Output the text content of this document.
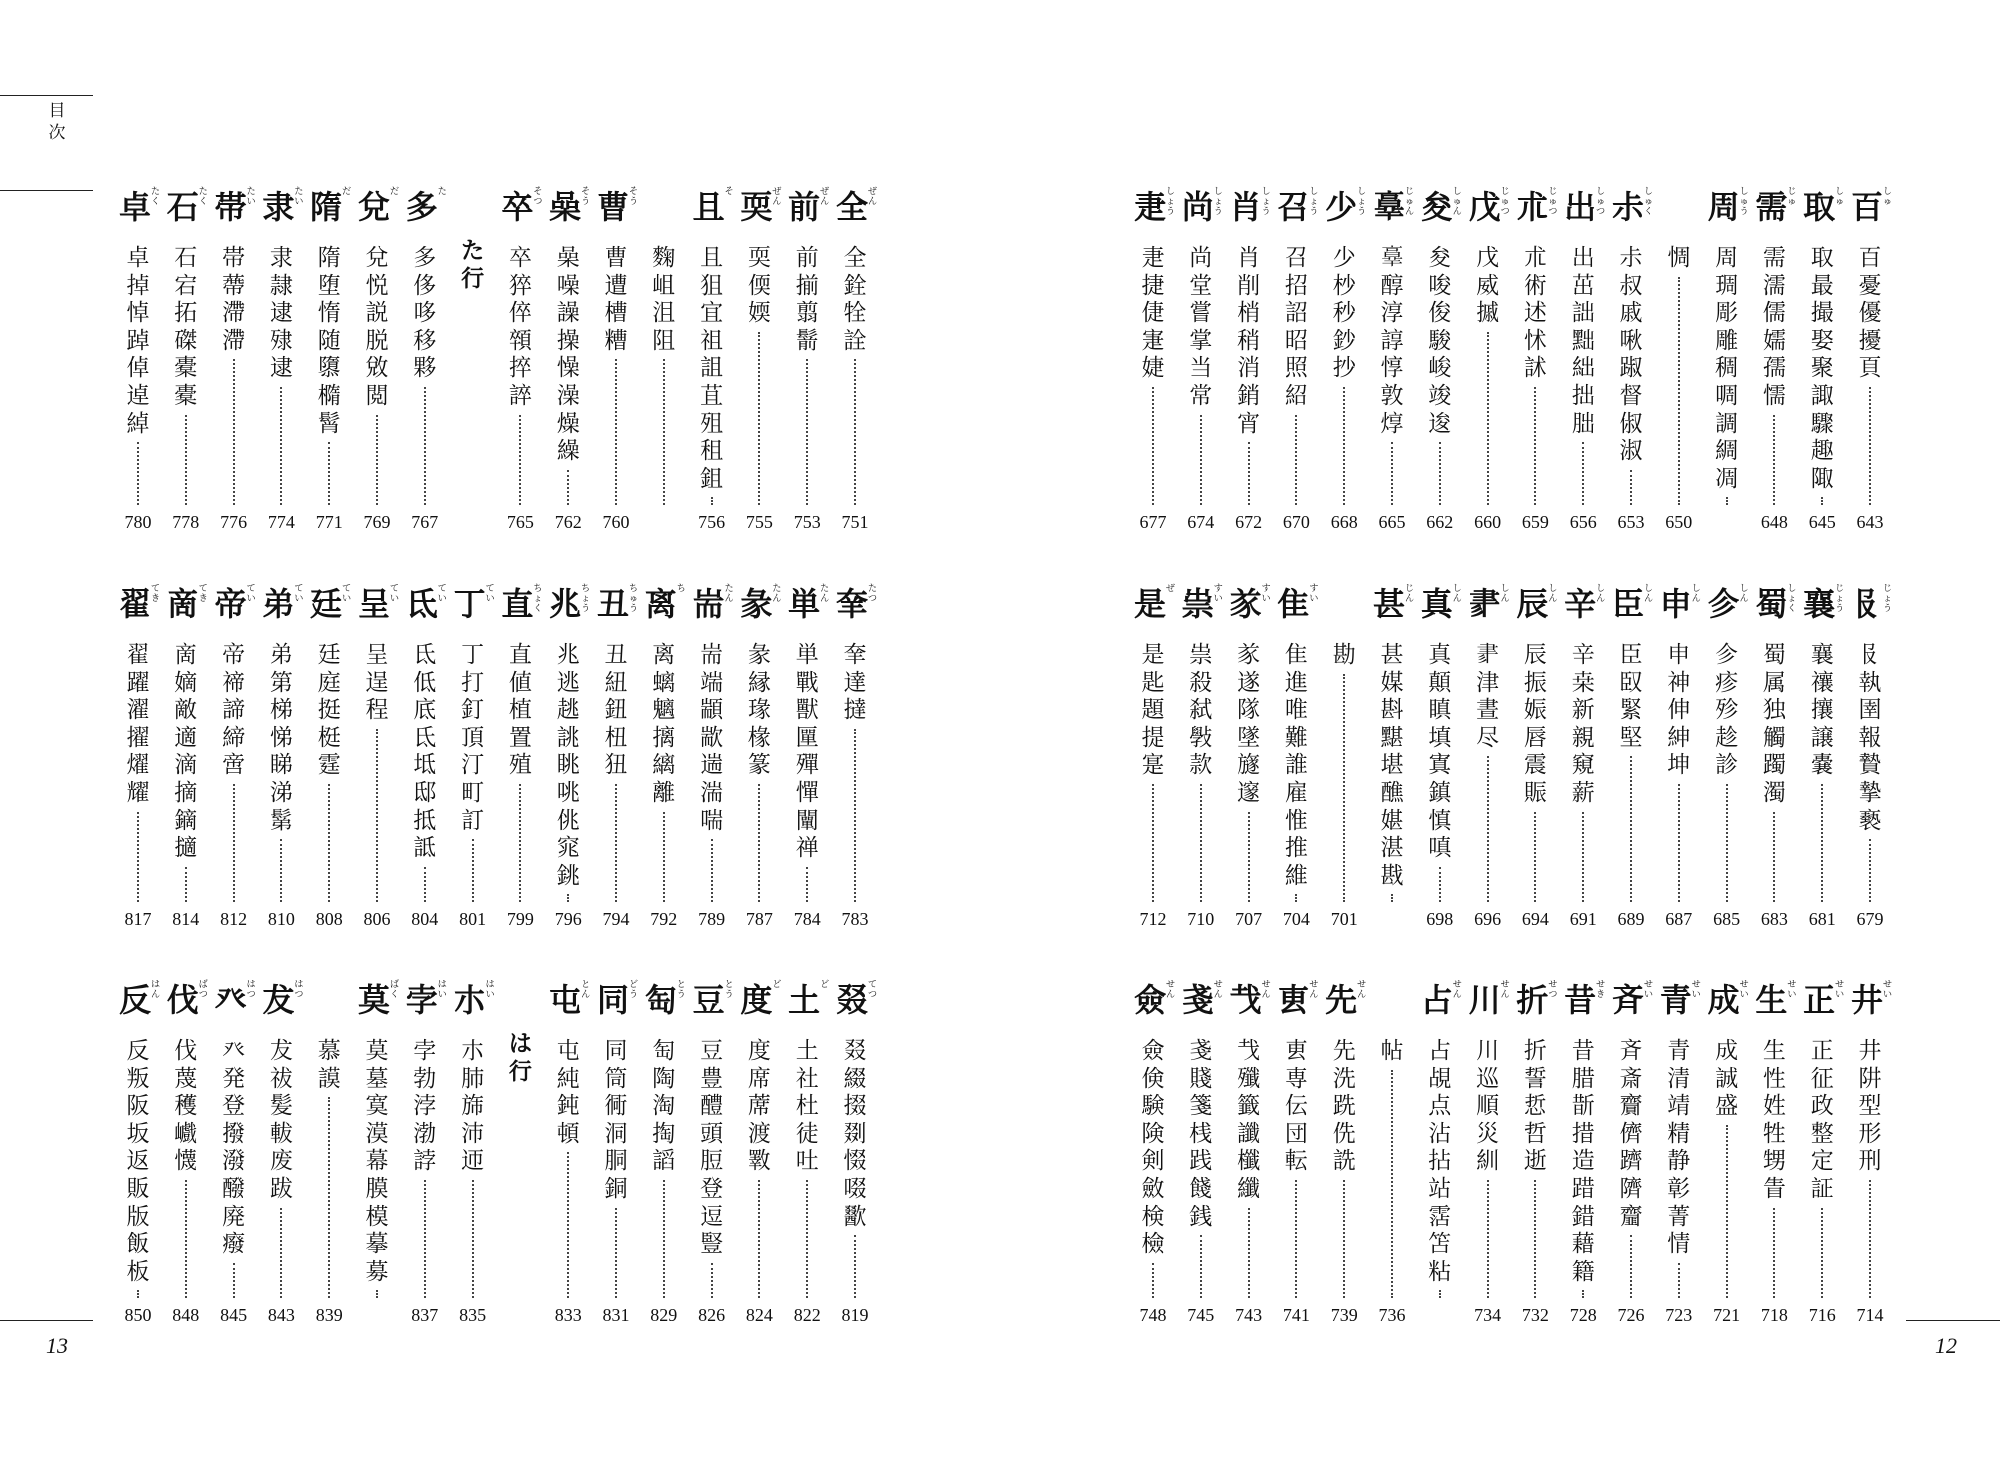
目次
13
全 ぜん
全
銓
牷
詮
751
前 ぜん
前
揃
翦
鬋
753
耎 ぜん
耎
偄
媆
755
且 そ
且
狙
宜
祖
詛
苴
殂
租
鉏
756
麴
岨
沮
阻
曹 そう
曹
遭
槽
糟
760
喿 そう
喿
噪
譟
操
懆
澡
燥
繰
762
卒 そつ
卒
猝
倅
顇
捽
誶
765
た
行
多 た
多
侈
哆
移
夥
767
兌 だ
兌
悦
説
脱
敓
閲
769
隋 だ
隋
堕
惰
随
隳
橢
髾
771
隶 たい
隶
隷
逮
殔
逮
774
帯 たい
帯
蔕
滯
滯
776
石 たく
石
宕
拓
磔
橐
橐
778
卓 たく
卓
掉
悼
踔
倬
逴
綽
780
羍 たつ
羍
達
撻
783
単 たん
単
戰
獸
匰
殫
憚
闡
禅
784
彖 たん
彖
縁
瑑
椽
篆
787
耑 たん
耑
端
顓
歂
遄
湍
喘
789
离 ち
离
螭
魑
摛
縭
離
792
丑 ちゅう
丑
紐
鈕
杻
狃
794
兆 ちょう
兆
逃
趒
誂
眺
咷
佻
窕
銚
796
直 ちょく
直
値
植
置
殖
799
丁 てい
丁
打
釘
頂
汀
町
訂
801
氐 てい
氐
低
底
氐
坻
邸
抵
詆
804
呈 てい
呈
逞
程
806
廷 てい
廷
庭
挺
梃
霆
808
弟 てい
弟
第
梯
悌
睇
涕
鬀
810
帝 てい
帝
禘
諦
締
啻
812
啇 てき
啇
嫡
敵
適
滴
摘
鏑
擿
814
翟 てき
翟
躍
濯
擢
燿
耀
817
叕 てつ
叕
綴
掇
剟
惙
啜
歠
819
土 ど
土
社
杜
徒
吐
822
度 ど
度
席
蓆
渡
斁
824
豆 とう
豆
豊
醴
頭
脰
登
逗
豎
826
匋 とう
匋
陶
淘
掏
謟
829
同 どう
同
筒
衕
洞
胴
銅
831
屯 とん
屯
純
鈍
頓
833
は
行
朩 はい
朩
肺
旆
沛
迊
835
孛 はい
孛
勃
浡
渤
誖
837
莫 ばく
莫
墓
寞
漠
幕
膜
模
摹
募
慕
謨
839
犮 はつ
犮
祓
髪
軷
废
跋
843
癶 はつ
癶
発
登
撥
潑
醱
廃
癈
845
伐 ばつ
伐
蔑
穫
巇
懱
848
反 はん
反
叛
阪
坂
返
販
版
飯
板
850
12
百 しゅ
百
憂
優
擾
頁
643
取 しゅ
取
最
撮
娶
聚
諏
驟
趣
陬
645
需 じゅ
需
濡
儒
嬬
孺
懦
648
周 しゅう
周
琱
彫
雕
稠
啁
調
綢
凋
惆
650
尗 しゅく
尗
叔
戚
啾
踧
督
俶
淑
653
出 しゅつ
出
茁
詘
黜
絀
拙
朏
656
朮 じゅつ
朮
術
述
怵
訹
659
戊 じゅつ
戊
威
摵
660
夋 しゅん
夋
唆
俊
駿
峻
竣
逡
662
𦎧 じゅん
𦎧
醇
淳
諄
惇
敦
焞
665
少 しょう
少
杪
秒
鈔
抄
668
召 しょう
召
招
詔
昭
照
紹
670
肖 しょう
肖
削
梢
稍
消
銷
宵
672
尚 しょう
尚
堂
嘗
掌
当
常
674
疌 しょう
疌
捷
倢
寁
婕
677
𠬝 じょう
𠬝
執
圉
報
贄
摯
褻
679
襄 じょう
襄
禳
攘
譲
嚢
681
蜀 しょく
蜀
属
独
觸
躅
濁
683
㐱 しん
㐱
疹
殄
趁
診
685
申 しん
申
神
伸
紳
坤
687
臣 しん
臣
臤
緊
堅
689
辛 しん
辛
桒
新
親
窺
薪
691
辰 しん
辰
振
娠
唇
震
賑
694
𦘔 しん
𦘔
津
晝
尽
696
真 しん
真
顛
瞋
填
寘
鎮
慎
嗔
698
甚 じん
甚
媒
斟
黮
堪
醮
媅
湛
戡
勘
701
隹 すい
隹
進
唯
難
誰
雇
惟
推
維
704
㒸 すい
㒸
遂
隊
墜
旞
邃
707
祟 すい
祟
殺
弑
斅
款
710
是 ぜ
是
匙
題
提
寔
712
井 せい
井
阱
型
形
刑
714
正 せい
正
征
政
整
定
証
716
生 せい
生
性
姓
牲
甥
眚
718
成 せい
成
誠
盛
721
青 せい
青
清
靖
精
静
彰
菁
情
723
斉 せい
斉
斎
齎
儕
躋
隮
齏
726
昔 せき
昔
腊
斮
措
造
踖
錯
藉
籍
728
折 せつ
折
誓
悊
哲
逝
732
川 せん
川
巡
順
災
紃
734
占 せん
占
覘
点
沾
拈
站
霑
笘
粘
帖
736
先 せん
先
洗
跣
侁
詵
739
叀 せん
叀
専
伝
団
転
741
𢦏 せん
𢦏
殲
籤
讖
櫼
纖
743
戔 せん
戔
賤
箋
桟
践
餞
銭
745
僉 せん
僉
倹
験
険
剣
斂
検
檢
748
